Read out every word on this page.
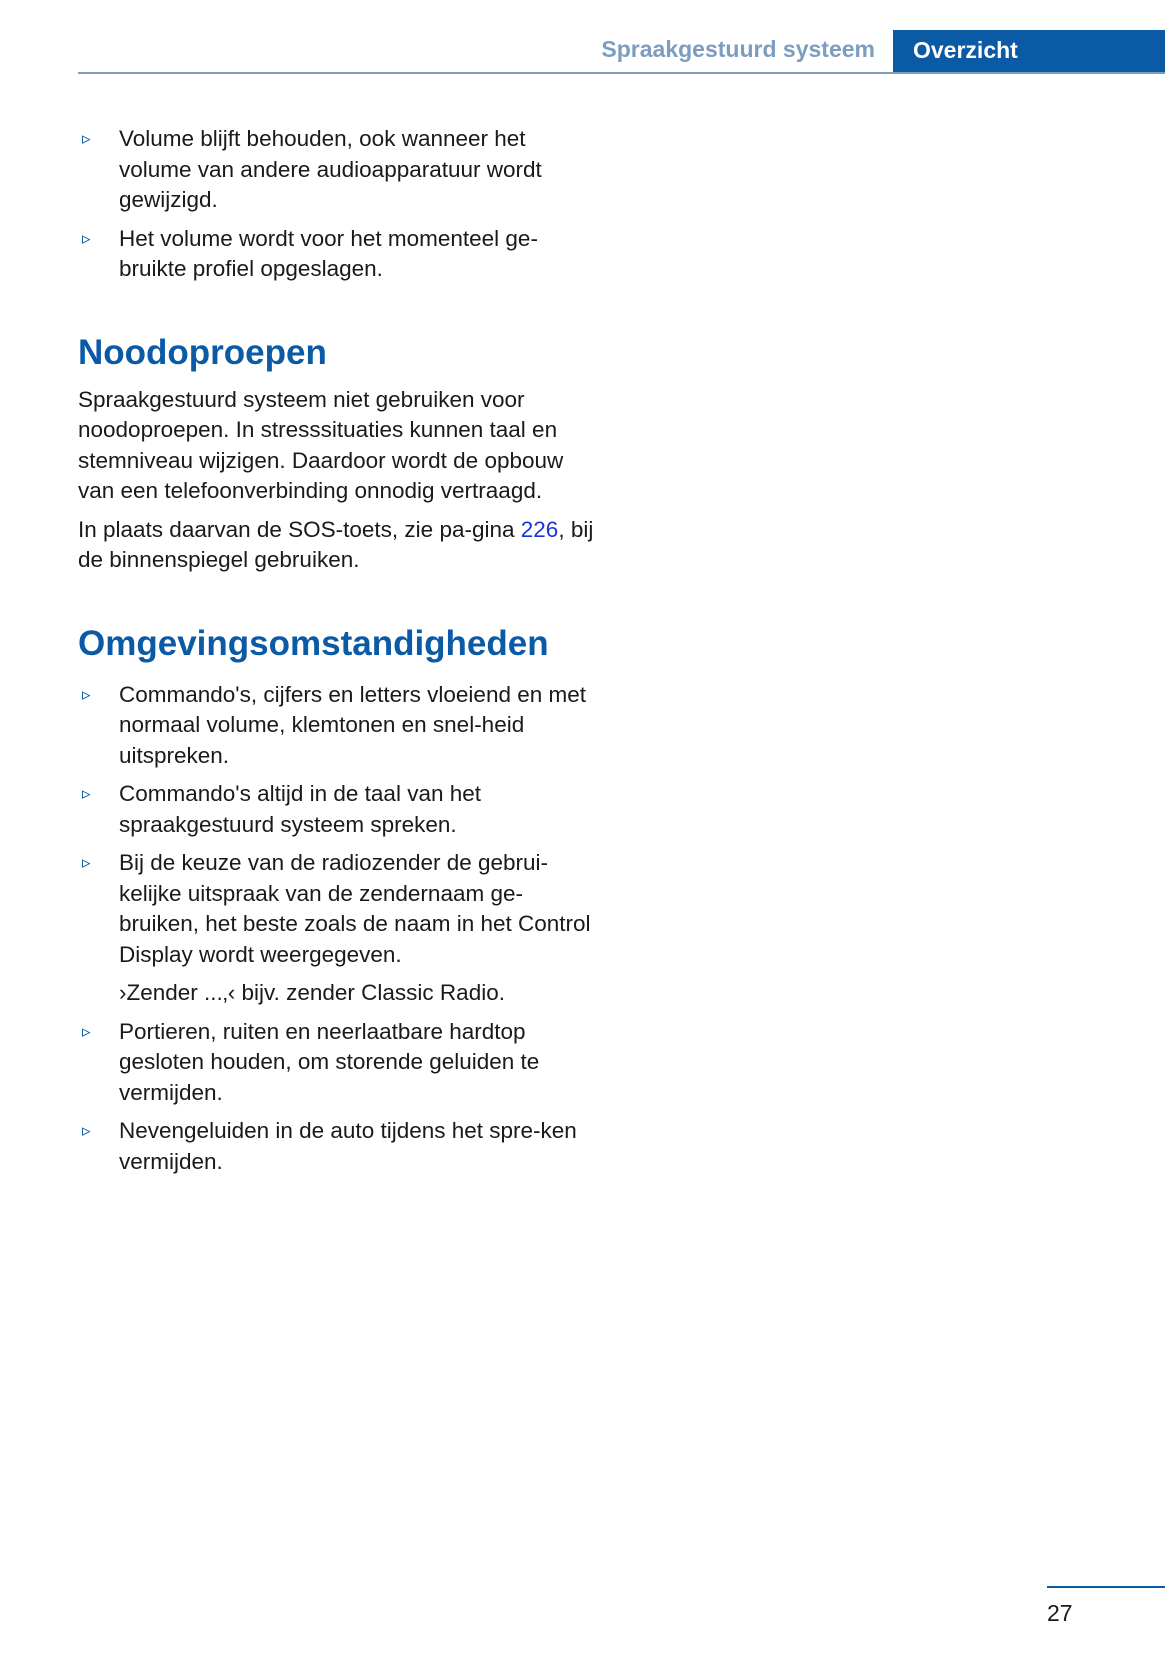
Spraakgestuurd systeem	Overzicht
▹ Volume blijft behouden, ook wanneer het volume van andere audioapparatuur wordt gewijzigd.
▹ Het volume wordt voor het momenteel ge-bruikte profiel opgeslagen.
Noodoproepen

Spraakgestuurd systeem niet gebruiken voor noodoproepen. In stresssituaties kunnen taal en stemniveau wijzigen. Daardoor wordt de opbouw van een telefoonverbinding onnodig vertraagd.

In plaats daarvan de SOS-toets, zie pa-gina 226, bij de binnenspiegel gebruiken.

Omgevingsomstandigheden
▹ Commando's, cijfers en letters vloeiend en met normaal volume, klemtonen en snel-heid uitspreken.
▹ Commando's altijd in de taal van het spraakgestuurd systeem spreken.
▹ Bij de keuze van de radiozender de gebrui-kelijke uitspraak van de zendernaam ge-bruiken, het beste zoals de naam in het Control Display wordt weergegeven.
›Zender ...‚‹ bijv. zender Classic Radio.
▹ Portieren, ruiten en neerlaatbare hardtop gesloten houden, om storende geluiden te vermijden.
▹ Nevengeluiden in de auto tijdens het spre-ken vermijden.
27
